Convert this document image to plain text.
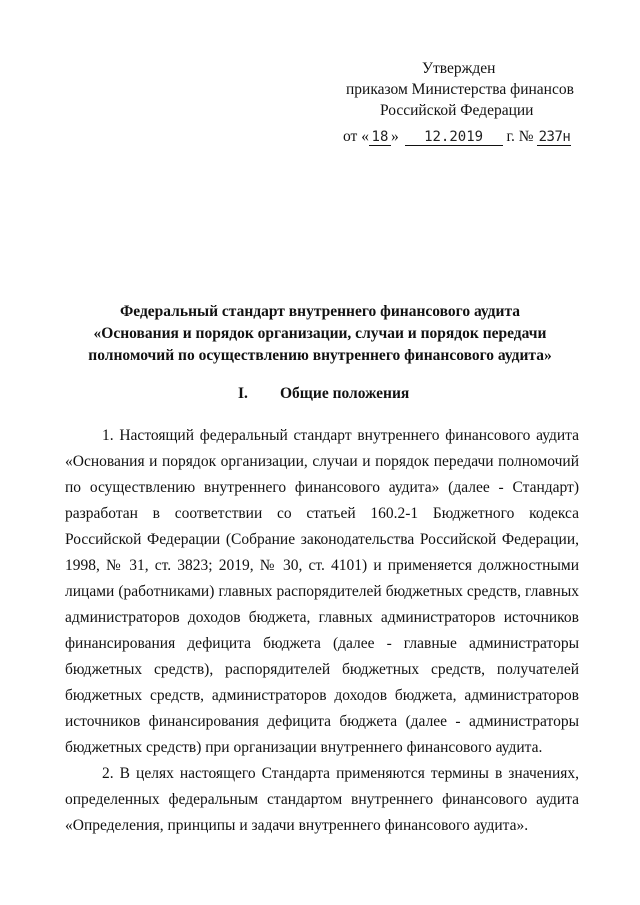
Утвержден
приказом Министерства финансов
Российской Федерации
от « 18 » 12.2019 г. № 237н
Федеральный стандарт внутреннего финансового аудита
«Основания и порядок организации, случаи и порядок передачи
полномочий по осуществлению внутреннего финансового аудита»
I. Общие положения

1. Настоящий федеральный стандарт внутреннего финансового аудита «Основания и порядок организации, случаи и порядок передачи полномочий по осуществлению внутреннего финансового аудита» (далее - Стандарт) разработан в соответствии со статьей 160.2-1 Бюджетного кодекса Российской Федерации (Собрание законодательства Российской Федерации, 1998, № 31, ст. 3823; 2019, № 30, ст. 4101) и применяется должностными лицами (работниками) главных распорядителей бюджетных средств, главных администраторов доходов бюджета, главных администраторов источников финансирования дефицита бюджета (далее - главные администраторы бюджетных средств), распорядителей бюджетных средств, получателей бюджетных средств, администраторов доходов бюджета, администраторов источников финансирования дефицита бюджета (далее - администраторы бюджетных средств) при организации внутреннего финансового аудита.

2. В целях настоящего Стандарта применяются термины в значениях, определенных федеральным стандартом внутреннего финансового аудита «Определения, принципы и задачи внутреннего финансового аудита».
